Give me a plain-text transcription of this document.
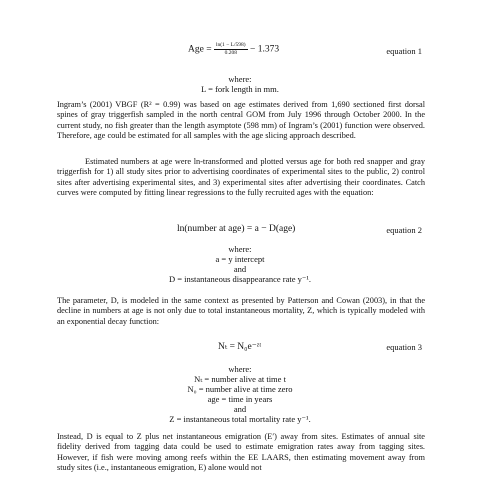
Age = $\frac{\ln(1 - L/598)}{0.208} - 1.373$	equation 1
where:
L = fork length in mm.

Ingram’s (2001) VBGF (R² = 0.99) was based on age estimates derived from 1,690 sectioned first dorsal spines of gray triggerfish sampled in the north central GOM from July 1996 through October 2000. In the current study, no fish greater than the length asymptote (598 mm) of Ingram’s (2001) function were observed. Therefore, age could be estimated for all samples with the age slicing approach described.

Estimated numbers at age were ln-transformed and plotted versus age for both red snapper and gray triggerfish for 1) all study sites prior to advertising coordinates of experimental sites to the public, 2) control sites after advertising experimental sites, and 3) experimental sites after advertising their coordinates. Catch curves were computed by fitting linear regressions to the fully recruited ages with the equation:

ln(number at age) = a − D(age)	equation 2
where:
a = y intercept
and
D = instantaneous disappearance rate y⁻¹.

The parameter, D, is modeled in the same context as presented by Patterson and Cowan (2003), in that the decline in numbers at age is not only due to total instantaneous mortality, Z, which is typically modeled with an exponential decay function:

Nₜ = N₀e⁻ᶻᵗ	equation 3
where:
Nₜ = number alive at time t
N₀ = number alive at time zero
age = time in years
and
Z = instantaneous total mortality rate y⁻¹.

Instead, D is equal to Z plus net instantaneous emigration (E′) away from sites. Estimates of annual site fidelity derived from tagging data could be used to estimate emigration rates away from tagging sites. However, if fish were moving among reefs within the EE LAARS, then estimating movement away from study sites (i.e., instantaneous emigration, E) alone would not
